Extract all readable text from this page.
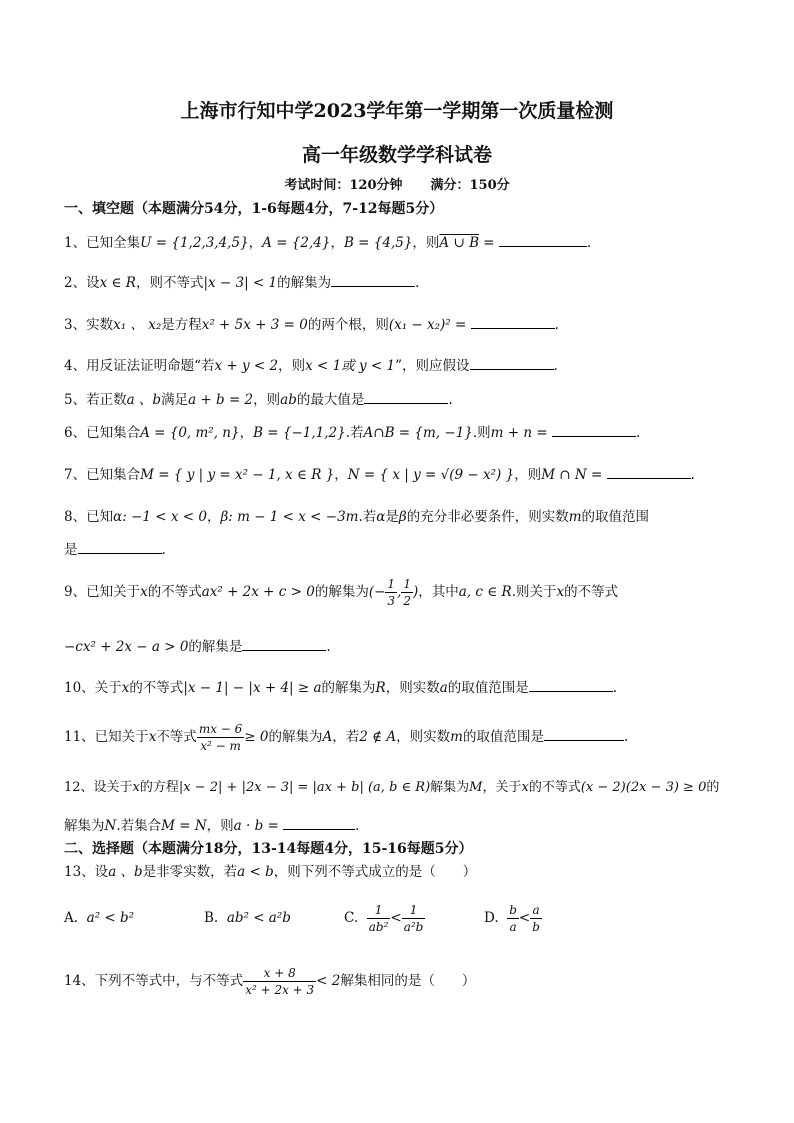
上海市行知中学2023学年第一学期第一次质量检测
高一年级数学学科试卷
考试时间：120分钟 满分：150分
一、填空题（本题满分54分，1-6每题4分，7-12每题5分）
1、已知全集U = {1,2,3,4,5}，A = {2,4}，B = {4,5}，则A ∪ B =	.
2、设x ∈ R，则不等式|x − 3| < 1的解集为	.
3、实数x₁ 、 x₂是方程x² + 5x + 3 = 0的两个根，则(x₁ − x₂)² =	.
4、用反证法证明命题“若x + y < 2，则x < 1或 y < 1”，则应假设	.
5、若正数a 、b满足a + b = 2，则ab的最大值是	.
6、已知集合A = {0, m², n}，B = {−1,1,2}.若A∩B = {m, −1}.则m + n =	.
7、已知集合M = { y | y = x² − 1, x ∈ R }，N = { x | y = √(9 − x²) }，则M ∩ N =	.
8、已知α: −1 < x < 0，β: m − 1 < x < −3m.若α是β的充分非必要条件，则实数m的取值范围
是	.
9、已知关于x的不等式ax² + 2x + c > 0的解集为(− $\frac{1}{3}$ , $\frac{1}{2}$ )，其中a, c ∈ R.则关于x的不等式
−cx² + 2x − a > 0的解集是	.
10、关于x的不等式|x − 1| − |x + 4| ≥ a的解集为R，则实数a的取值范围是	.
11、已知关于x不等式 $\frac{mx - 6}{\text{x² − m}} \ge 0$的解集为A，若2 ∉ A，则实数m的取值范围是	.
12、设关于x的方程|x − 2| + |2x − 3| = |ax + b| (a, b ∈ R)解集为M，关于x的不等式(x − 2)(2x − 3) ≥ 0的
解集为N.若集合M = N，则a · b =	.
二、选择题（本题满分18分，13-14每题4分，15-16每题5分）
13、设a 、b是非零实数，若a < b，则下列不等式成立的是（　　）
A. a² < b²	B. ab² < a²b	C. $\frac{1}{\text{ab²}} < \frac{1}{\text{a²b}}$	D. $\frac{b}{a} < \frac{a}{b}$
14、下列不等式中，与不等式 $\frac{x + 8}{\text{x² + 2x + 3}} < 2$解集相同的是（　　）
